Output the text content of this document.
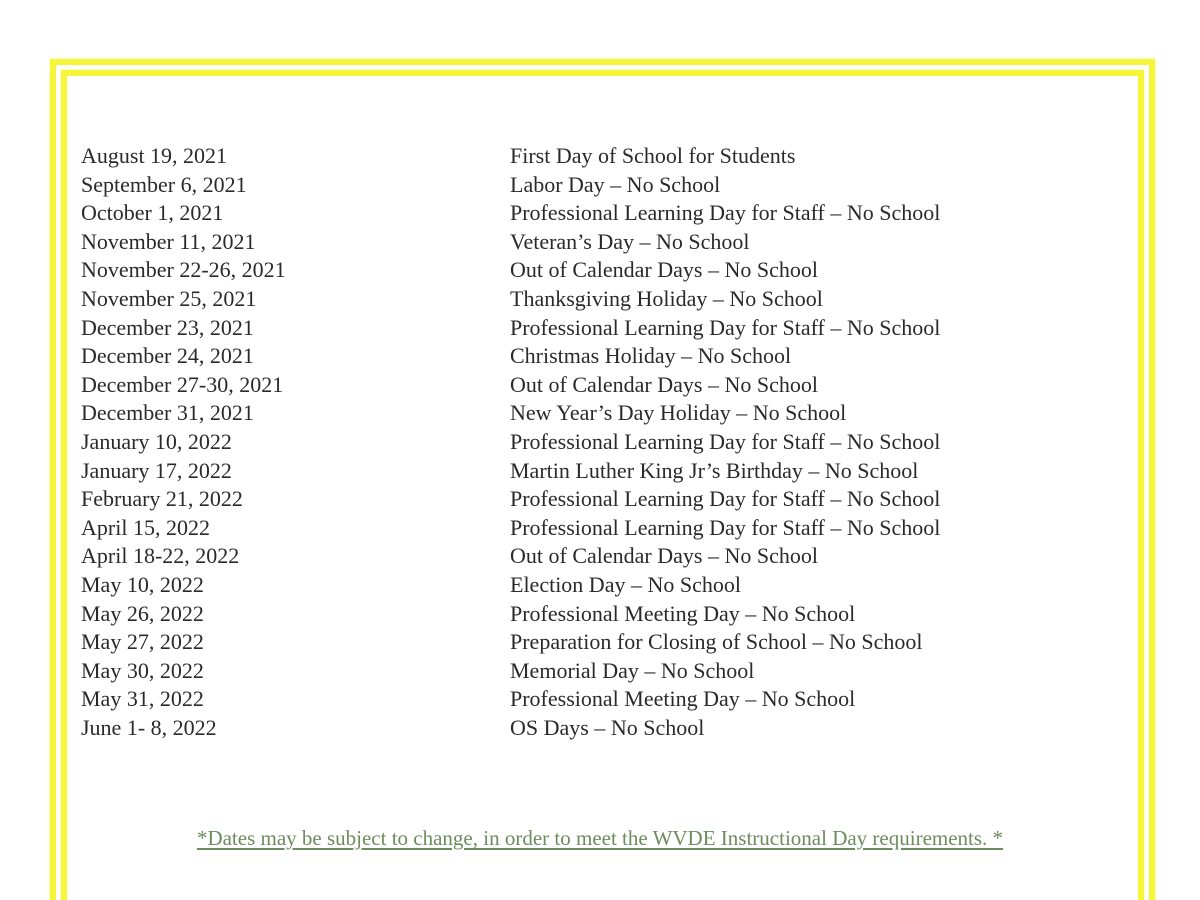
August 19, 2021	First Day of School for Students
September 6, 2021	Labor Day – No School
October 1, 2021	Professional Learning Day for Staff – No School
November 11, 2021	Veteran’s Day – No School
November 22-26, 2021	Out of Calendar Days – No School
November 25, 2021	Thanksgiving Holiday – No School
December 23, 2021	Professional Learning Day for Staff – No School
December 24, 2021	Christmas Holiday – No School
December 27-30, 2021	Out of Calendar Days – No School
December 31, 2021	New Year’s Day Holiday – No School
January 10, 2022	Professional Learning Day for Staff – No School
January 17, 2022	Martin Luther King Jr’s Birthday – No School
February 21, 2022	Professional Learning Day for Staff – No School
April 15, 2022	Professional Learning Day for Staff – No School
April 18-22, 2022	Out of Calendar Days – No School
May 10, 2022	Election Day – No School
May 26, 2022	Professional Meeting Day – No School
May 27, 2022	Preparation for Closing of School – No School
May 30, 2022	Memorial Day – No School
May 31, 2022	Professional Meeting Day – No School
June 1- 8, 2022	OS Days – No School
*Dates may be subject to change, in order to meet the WVDE Instructional Day requirements. *
